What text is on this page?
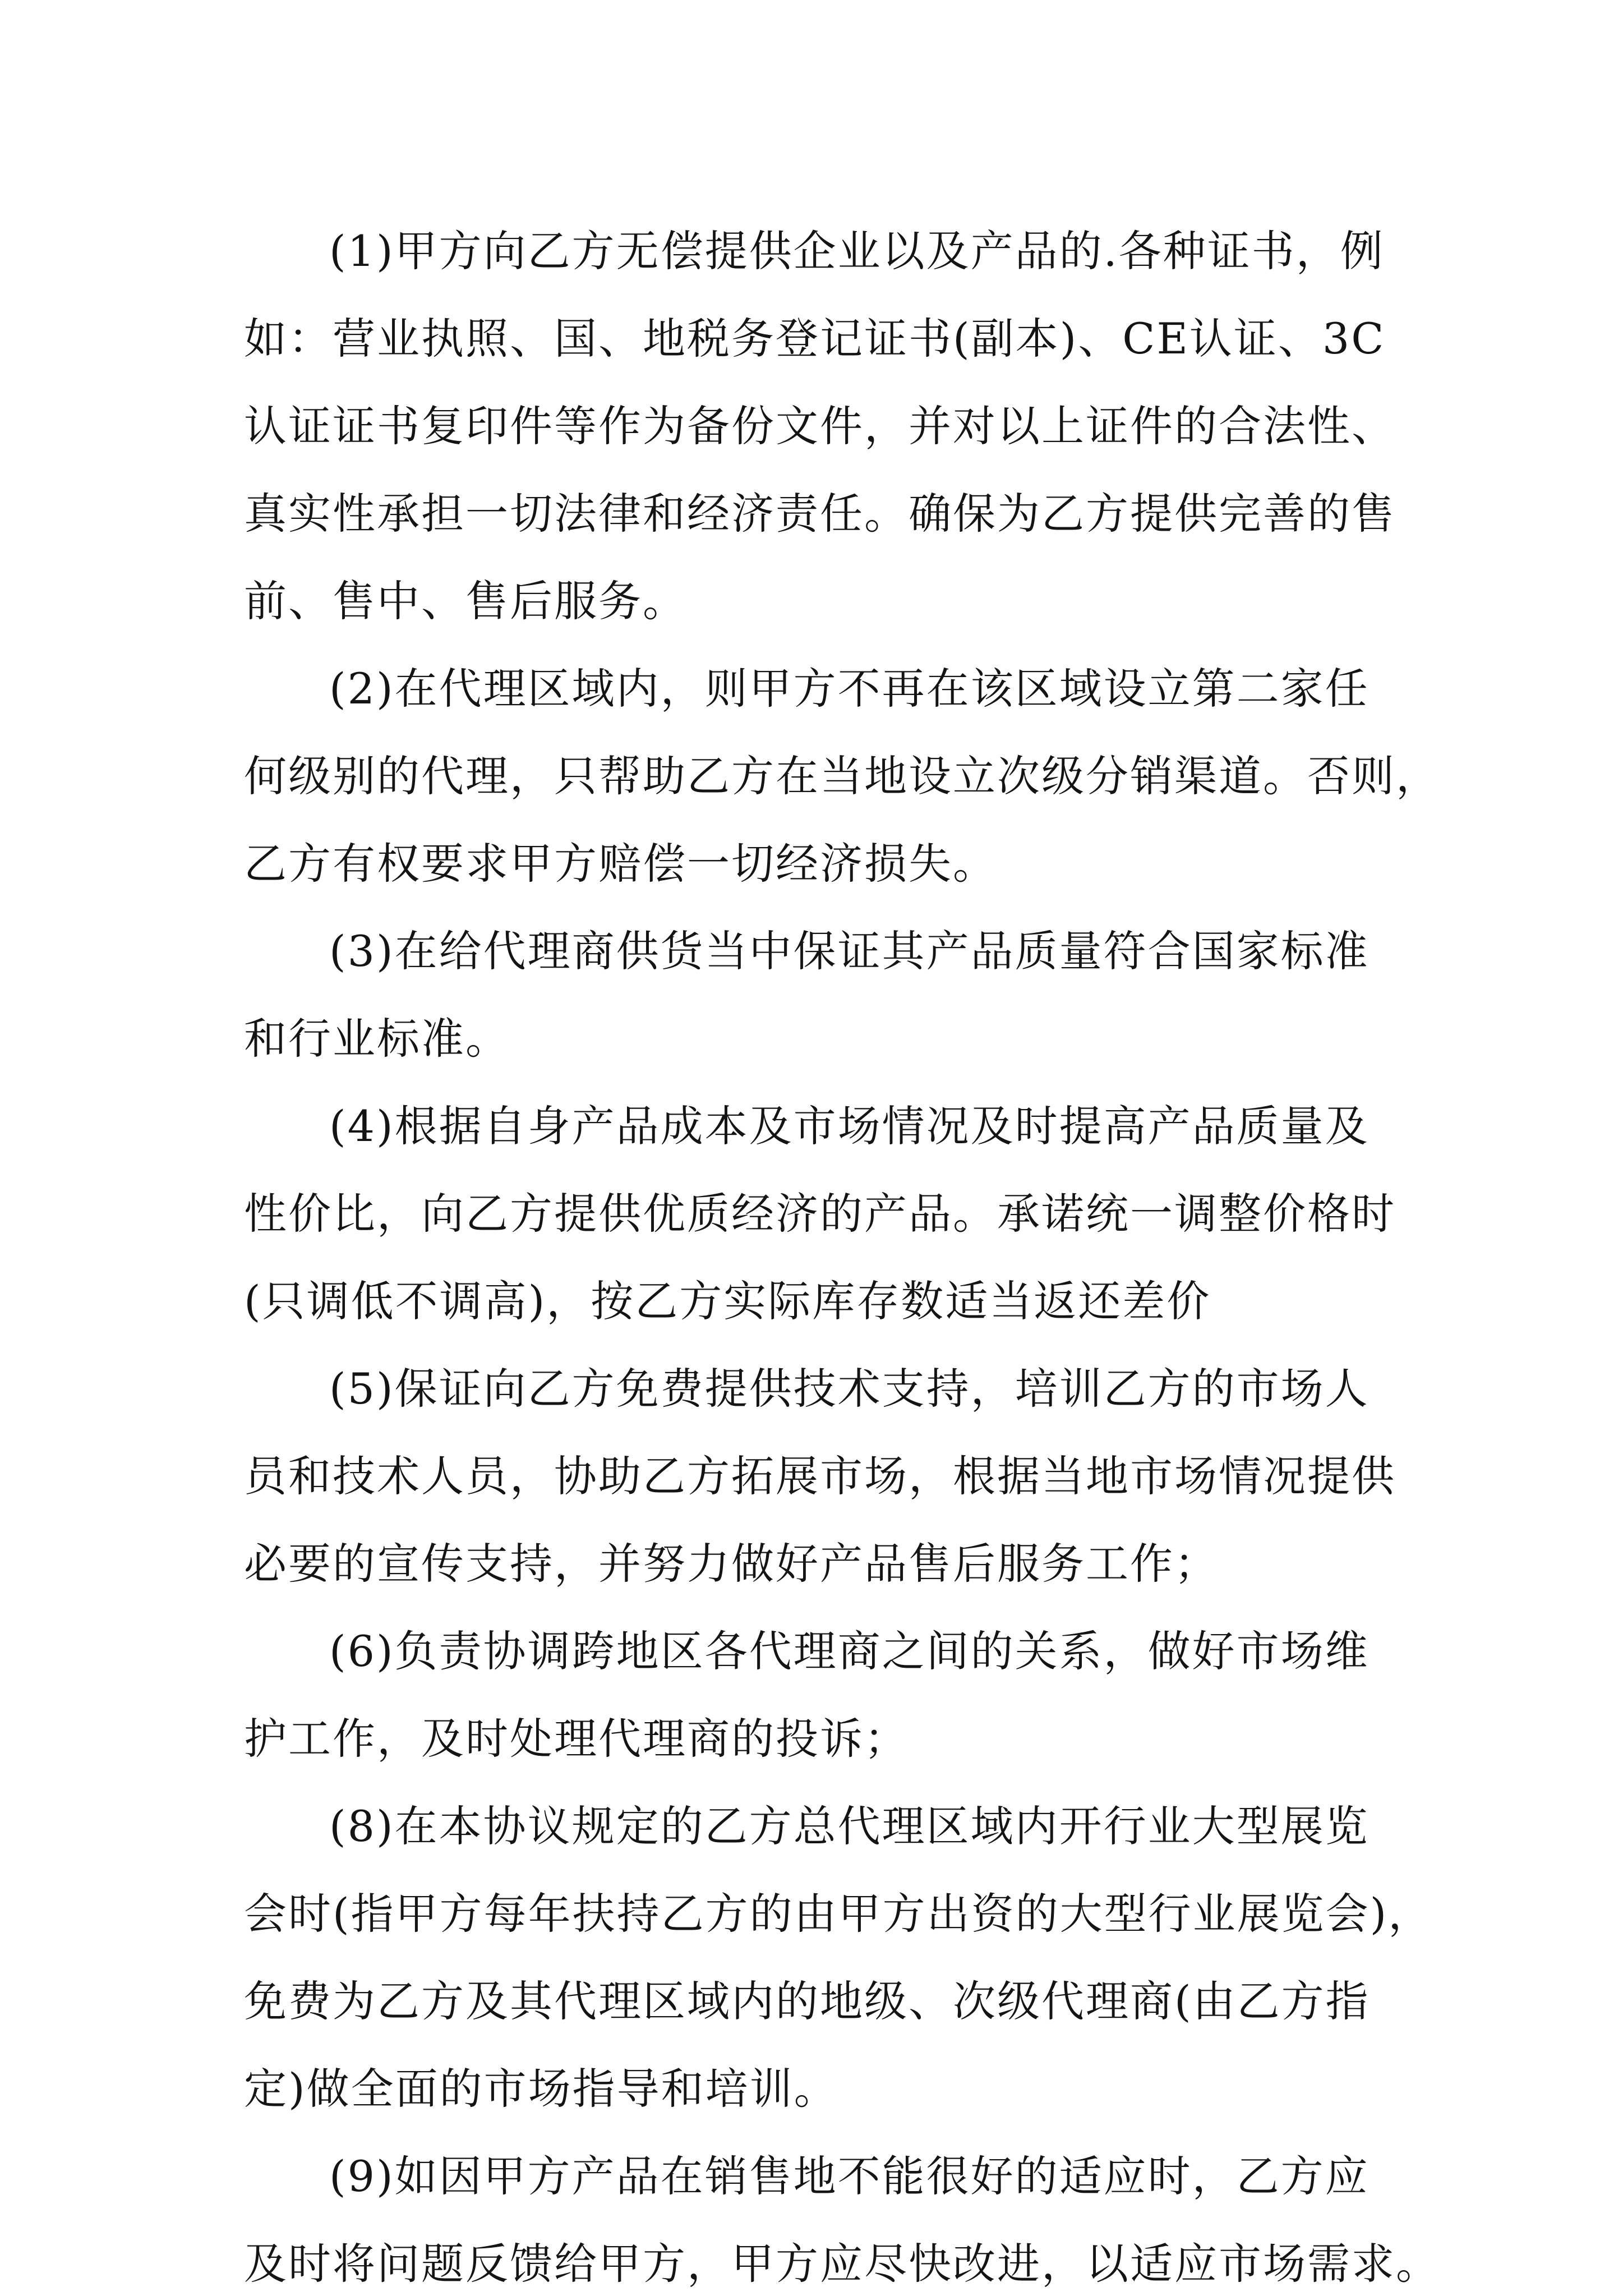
(1)甲方向乙方无偿提供企业以及产品的.各种证书，例
如：营业执照、国、地税务登记证书(副本)、CE认证、3C
认证证书复印件等作为备份文件，并对以上证件的合法性、
真实性承担一切法律和经济责任。确保为乙方提供完善的售
前、售中、售后服务。
(2)在代理区域内，则甲方不再在该区域设立第二家任
何级别的代理，只帮助乙方在当地设立次级分销渠道。否则，
乙方有权要求甲方赔偿一切经济损失。
(3)在给代理商供货当中保证其产品质量符合国家标准
和行业标准。
(4)根据自身产品成本及市场情况及时提高产品质量及
性价比，向乙方提供优质经济的产品。承诺统一调整价格时
(只调低不调高)，按乙方实际库存数适当返还差价
(5)保证向乙方免费提供技术支持，培训乙方的市场人
员和技术人员，协助乙方拓展市场，根据当地市场情况提供
必要的宣传支持，并努力做好产品售后服务工作；
(6)负责协调跨地区各代理商之间的关系，做好市场维
护工作，及时处理代理商的投诉；
(8)在本协议规定的乙方总代理区域内开行业大型展览
会时(指甲方每年扶持乙方的由甲方出资的大型行业展览会)，
免费为乙方及其代理区域内的地级、次级代理商(由乙方指
定)做全面的市场指导和培训。
(9)如因甲方产品在销售地不能很好的适应时，乙方应
及时将问题反馈给甲方，甲方应尽快改进，以适应市场需求。
